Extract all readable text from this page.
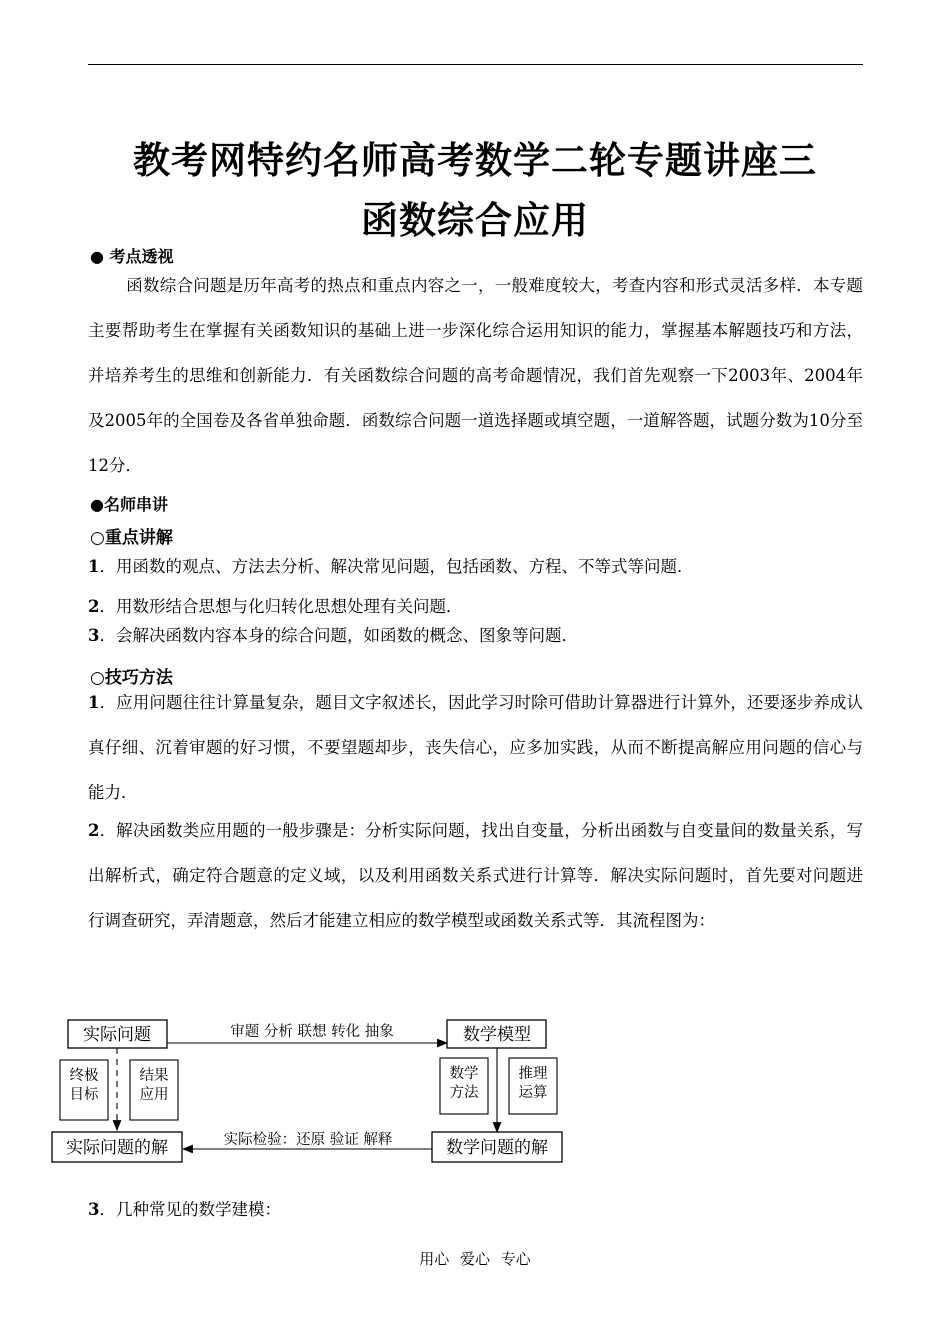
教考网特约名师高考数学二轮专题讲座三
函数综合应用
● 考点透视
函数综合问题是历年高考的热点和重点内容之一，一般难度较大，考查内容和形式灵活多样．本专题主要帮助考生在掌握有关函数知识的基础上进一步深化综合运用知识的能力，掌握基本解题技巧和方法，并培养考生的思维和创新能力．有关函数综合问题的高考命题情况，我们首先观察一下2003年、2004年及2005年的全国卷及各省单独命题．函数综合问题一道选择题或填空题，一道解答题，试题分数为10分至12分．
●名师串讲
○重点讲解
1．用函数的观点、方法去分析、解决常见问题，包括函数、方程、不等式等问题．
2．用数形结合思想与化归转化思想处理有关问题．
3．会解决函数内容本身的综合问题，如函数的概念、图象等问题．
○技巧方法
1．应用问题往往计算量复杂，题目文字叙述长，因此学习时除可借助计算器进行计算外，还要逐步养成认真仔细、沉着审题的好习惯，不要望题却步，丧失信心，应多加实践，从而不断提高解应用问题的信心与能力．
2．解决函数类应用题的一般步骤是：分析实际问题，找出自变量，分析出函数与自变量间的数量关系，写出解析式，确定符合题意的定义域，以及利用函数关系式进行计算等．解决实际问题时，首先要对问题进行调查研究，弄清题意，然后才能建立相应的数学模型或函数关系式等．其流程图为：
实际问题	审题 分析 联想 转化 抽象	数学模型
数学
方法
推理
运算
终极
目标
结果
应用
实际问题的解	实际检验：还原 验证 解释	数学问题的解
3．几种常见的数学建模：
用心 爱心 专心
